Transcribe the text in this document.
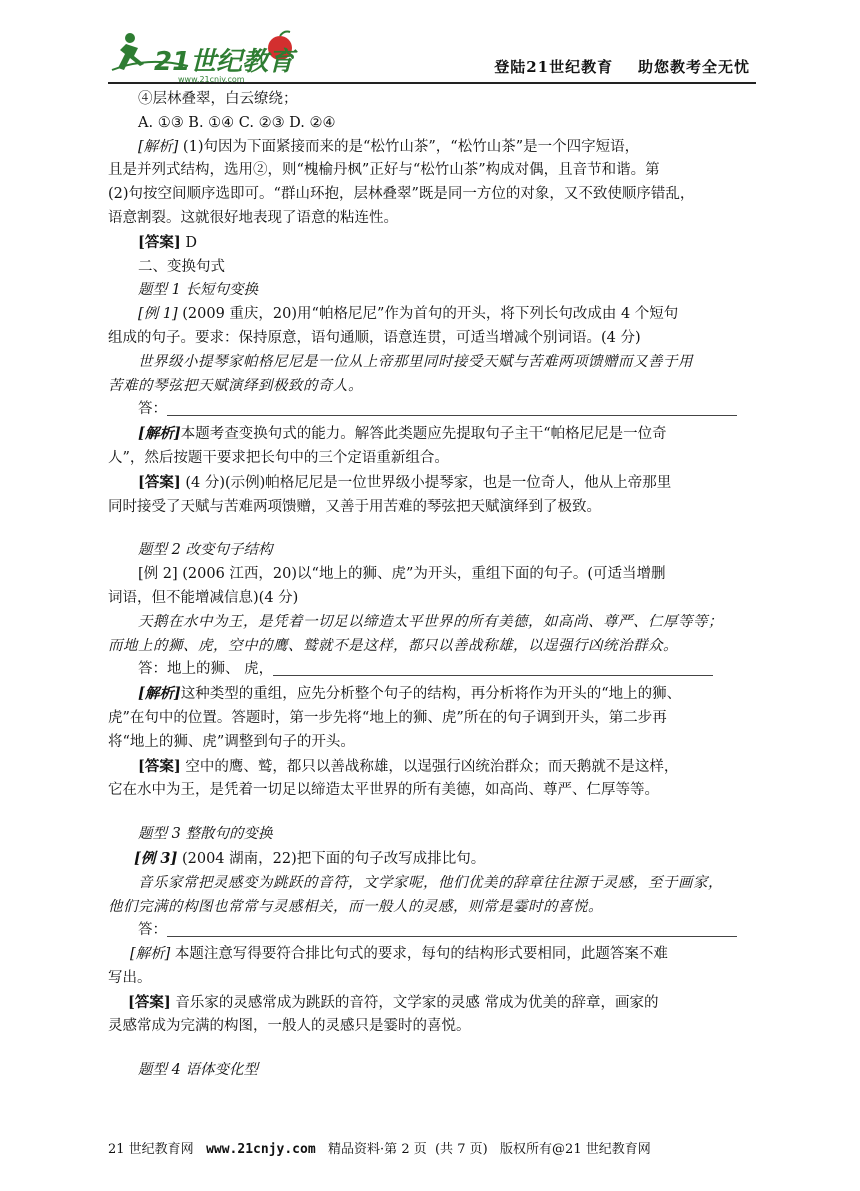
21世纪教育
www.21cnjy.com
登陆21世纪教育    助您教考全无忧

④层林叠翠，白云缭绕；

A. ①③ B. ①④ C. ②③ D. ②④

[解析] (1)句因为下面紧接而来的是“松竹山茶”，“松竹山茶”是一个四字短语，

且是并列式结构，选用②，则“槐榆丹枫”正好与“松竹山茶”构成对偶，且音节和谐。第

(2)句按空间顺序选即可。“群山环抱，层林叠翠”既是同一方位的对象，又不致使顺序错乱，

语意割裂。这就很好地表现了语意的粘连性。

[答案] D

二、变换句式

题型 1 长短句变换

[例 1] (2009 重庆，20)用“帕格尼尼”作为首句的开头，将下列长句改成由 4 个短句

组成的句子。要求：保持原意，语句通顺，语意连贯，可适当增减个别词语。(4 分)

世界级小提琴家帕格尼尼是一位从上帝那里同时接受天赋与苦难两项馈赠而又善于用

苦难的琴弦把天赋演绎到极致的奇人。

答：

[解析]本题考查变换句式的能力。解答此类题应先提取句子主干“帕格尼尼是一位奇

人”，然后按题干要求把长句中的三个定语重新组合。

[答案] (4 分)(示例)帕格尼尼是一位世界级小提琴家，也是一位奇人，他从上帝那里

同时接受了天赋与苦难两项馈赠，又善于用苦难的琴弦把天赋演绎到了极致。

题型 2 改变句子结构

[例 2] (2006 江西，20)以“地上的狮、虎”为开头，重组下面的句子。(可适当增删

词语，但不能增减信息)(4 分)

天鹅在水中为王，是凭着一切足以缔造太平世界的所有美德，如高尚、尊严、仁厚等等；

而地上的狮、虎，空中的鹰、鹫就不是这样，都只以善战称雄，以逞强行凶统治群众。

答：地上的狮、 虎，

[解析]这种类型的重组，应先分析整个句子的结构，再分析将作为开头的“地上的狮、

虎”在句中的位置。答题时，第一步先将“地上的狮、虎”所在的句子调到开头，第二步再

将“地上的狮、虎”调整到句子的开头。

[答案] 空中的鹰、鹫，都只以善战称雄，以逞强行凶统治群众；而天鹅就不是这样，

它在水中为王，是凭着一切足以缔造太平世界的所有美德，如高尚、尊严、仁厚等等。

题型 3 整散句的变换

[例 3] (2004 湖南，22)把下面的句子改写成排比句。

音乐家常把灵感变为跳跃的音符，文学家呢，他们优美的辞章往往源于灵感，至于画家，

他们完满的构图也常常与灵感相关，而一般人的灵感，则常是霎时的喜悦。

答：

[解析] 本题注意写得要符合排比句式的要求，每句的结构形式要相同，此题答案不难

写出。

[答案] 音乐家的灵感常成为跳跃的音符，文学家的灵感 常成为优美的辞章，画家的

灵感常成为完满的构图，一般人的灵感只是霎时的喜悦。

题型 4 语体变化型

21 世纪教育网   www.21cnjy.com   精品资料·第 2 页  (共 7 页)   版权所有@21 世纪教育网
